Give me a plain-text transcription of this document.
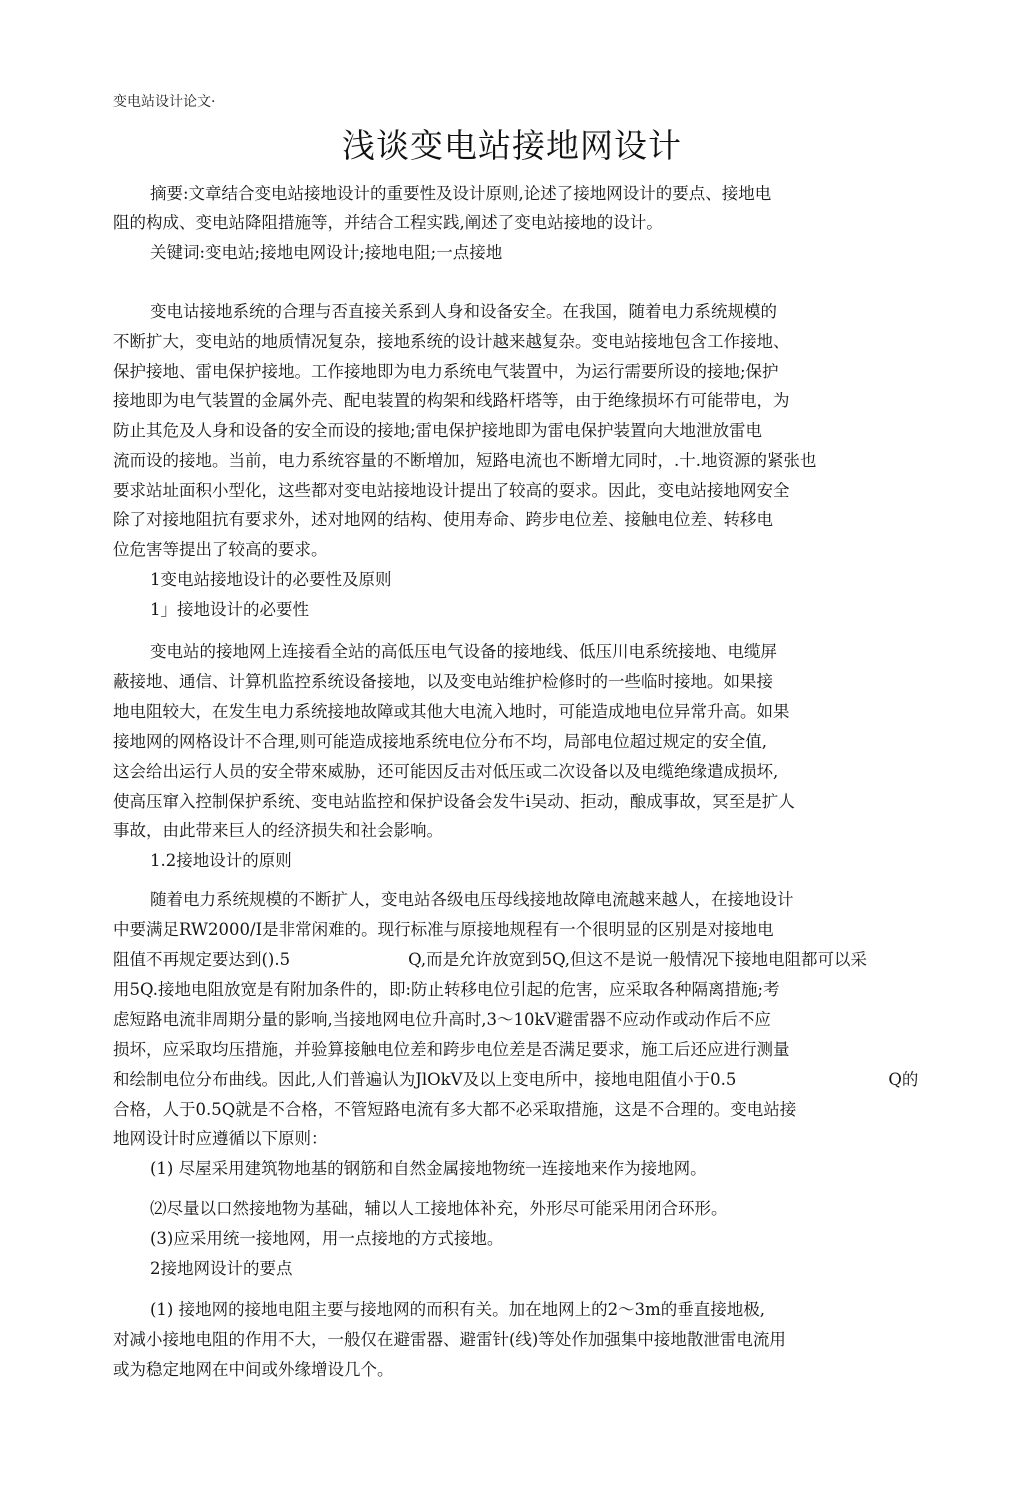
变电站设计论文·
浅谈变电站接地网设计
摘要:文章结合变电站接地设计的重要性及设计原则,论述了接地网设计的要点、接地电
阻的构成、变电站降阻措施等，并结合工程实践,阐述了变电站接地的设计。
关键词:变电站;接地电网设计;接地电阻;一点接地
变电诂接地系统的合理与否直接关系到人身和设备安全。在我国，随着电力系统规模的
不断扩大，变电站的地质情况复杂，接地系统的设计越来越复杂。变电站接地包含工作接地、
保护接地、雷电保护接地。工作接地即为电力系统电气装置中，为运行需要所设的接地;保护
接地即为电气装置的金属外壳、配电装置的构架和线路杆塔等，由于绝缘损坏冇可能带电，为
防止其危及人身和设备的安全而设的接地;雷电保护接地即为雷电保护装置向大地泄放雷电
流而设的接地。当前，电力系统容量的不断増加，短路电流也不断增尢同时，.十.地资源的紧张也
要求站址面积小型化，这些都对变电站接地设计提出了较高的耍求。因此，变电站接地网安全
除了对接地阻抗有要求外，述对地网的结构、使用寿命、跨步电位差、接触电位差、转移电
位危害等提出了较高的要求。
1变电站接地设计的必要性及原则
1」接地设计的必要性
变电站的接地网上连接看全站的高低压电气设备的接地线、低压川电系统接地、电缆屏
蔽接地、通信、计算机监控系统设备接地，以及变电站维护检修时的一些临时接地。如果接
地电阻较大，在发生电力系统接地故障或其他大电流入地时，可能造成地电位异常升高。如果
接地网的网格设计不合理,则可能造成接地系统电位分布不均，局部电位超过规定的安全值,
这会给出运行人员的安全带來威胁，还可能因反击对低压或二次设备以及电缆绝缘遣成损坏,
使高压窜入控制保护系统、变电站监控和保护设备会发牛i吴动、拒动，酿成事故，冥至是扩人
事故，由此带来巨人的经济损失和社会影响。
1.2接地设计的原则
随着电力系统规模的不断扩人，变电站各级电压母线接地故障电流越来越人，在接地设计
中要满足RW2000/I是非常闲难的。现行标准与原接地规程有一个很明显的区别是对接地电
阻值不再规定要达到().5	Q,而是允许放宽到5Q,但这不是说一般情况下接地电阻都可以采
用5Q.接地电阻放宽是有附加条件的，即:防止转移电位引起的危害，应采取各种隔离措施;考
虑短路电流非周期分量的影响,当接地网电位升高时,3～10kV避雷器不应动作或动作后不应
损坏，应采取均压措施，并验算接触电位差和跨步电位差是否满足要求，施工后还应进行测量
和绘制电位分布曲线。因此,人们普遍认为JlOkV及以上变电所中，接地电阻值小于0.5	Q的
合格，人于0.5Q就是不合格，不管短路电流有多大都不必采取措施，这是不合理的。变电站接
地网设计时应遵循以下原则：
(1) 尽屋采用建筑物地基的钢筋和自然金属接地物统一连接地来作为接地网。
⑵尽量以口然接地物为基础，辅以人工接地体补充，外形尽可能采用闭合环形。
(3)应采用统一接地网，用一点接地的方式接地。
2接地网设计的要点
(1) 接地网的接地电阻主要与接地网的而积有关。加在地网上的2～3m的垂直接地极,
对减小接地电阻的作用不大，一般仅在避雷器、避雷针(线)等处作加强集中接地散泄雷电流用
或为稳定地网在中间或外缘增设几个。
